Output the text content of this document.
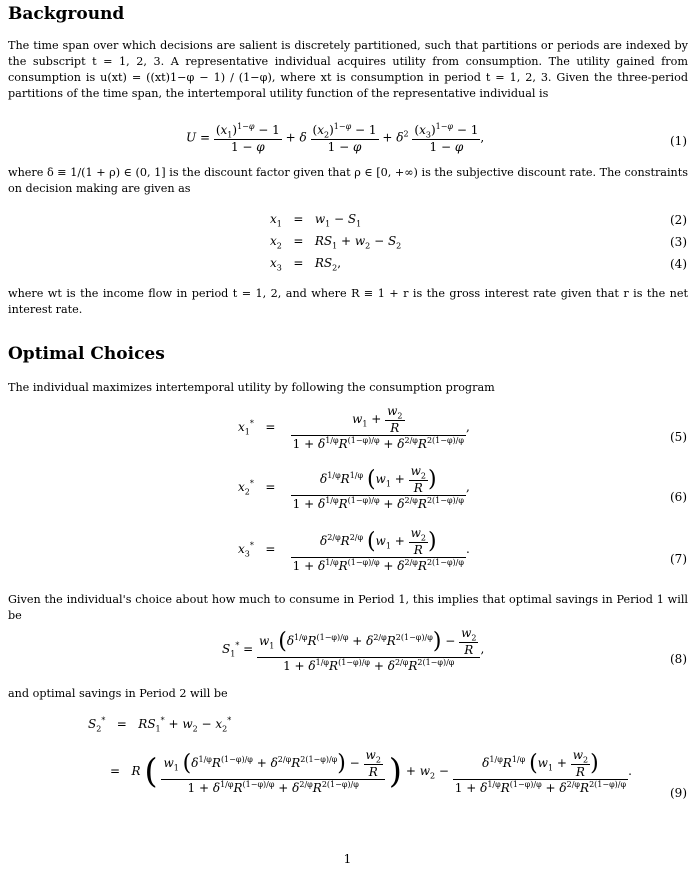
Background

The time span over which decisions are salient is discretely partitioned, such that partitions or periods are indexed by the subscript t = 1, 2, 3. A representative individual acquires utility from consumption. The utility gained from consumption is u(xt) = ((xt)1−φ − 1) / (1−φ), where xt is consumption in period t = 1, 2, 3. Given the three-period partitions of the time span, the intertemporal utility function of the representative individual is

$U = \frac{(x_1)^{1-\varphi} - 1}{1 - \varphi} + \delta \frac{(x_2)^{1-\varphi} - 1}{1 - \varphi} + \delta^2 \frac{(x_3)^{1-\varphi} - 1}{1 - \varphi}$ ,	(1)

where δ ≡ 1/(1 + ρ) ∈ (0, 1] is the discount factor given that ρ ∈ [0, +∞) is the subjective discount rate. The constraints on decision making are given as

$x_1 = w_1 - S_1$	(2)
$x_2 = RS_1 + w_2 - S_2$	(3)
$x_3 = RS_2$,	(4)

where wt is the income flow in period t = 1, 2, and where R ≡ 1 + r is the gross interest rate given that r is the net interest rate.

Optimal Choices

The individual maximizes intertemporal utility by following the consumption program

$x_1^* = \frac{w_1 + \frac{w_2}{R}}{1 + \delta^{1/\varphi}R^{(1-\varphi)/\varphi} + \delta^{2/\varphi}R^{2(1-\varphi)/\varphi}}$ ,
(5)
$x_2^* = \frac{\delta^{1/\varphi}R^{1/\varphi} (w_1 + \frac{w_2}{R} )}{1 + \delta^{1/\varphi}R^{(1-\varphi)/\varphi} + \delta^{2/\varphi}R^{2(1-\varphi)/\varphi}}$ ,
(6)
$x_3^* = \frac{\delta^{2/\varphi}R^{2/\varphi} (w_1 + \frac{w_2}{R} )}{1 + \delta^{1/\varphi}R^{(1-\varphi)/\varphi} + \delta^{2/\varphi}R^{2(1-\varphi)/\varphi}}$ .
(7)

Given the individual's choice about how much to consume in Period 1, this implies that optimal savings in Period 1 will be

$S_1^* = \frac{w_1 (\delta^{1/\varphi}R^{(1-\varphi)/\varphi} + \delta^{2/\varphi}R^{2(1-\varphi)/\varphi}) - \frac{w_2}{R}}{1 + \delta^{1/\varphi}R^{(1-\varphi)/\varphi} + \delta^{2/\varphi}R^{2(1-\varphi)/\varphi}}$ ,
(8)

and optimal savings in Period 2 will be

$S_2^* = RS_1^* + w_2 - x_2^*$
=   R ( $\frac{w_1 (\delta^{1/\varphi}R^{(1-\varphi)/\varphi} + \delta^{2/\varphi}R^{2(1-\varphi)/\varphi}) - \frac{w_2}{R}}{1 + \delta^{1/\varphi}R^{(1-\varphi)/\varphi} + \delta^{2/\varphi}R^{2(1-\varphi)/\varphi}}$ ) + $w_2 - \frac{\delta^{1/\varphi}R^{1/\varphi} (w_1 + \frac{w_2}{R} )}{1 + \delta^{1/\varphi}R^{(1-\varphi)/\varphi} + \delta^{2/\varphi}R^{2(1-\varphi)/\varphi}}$ .
(9)
1
